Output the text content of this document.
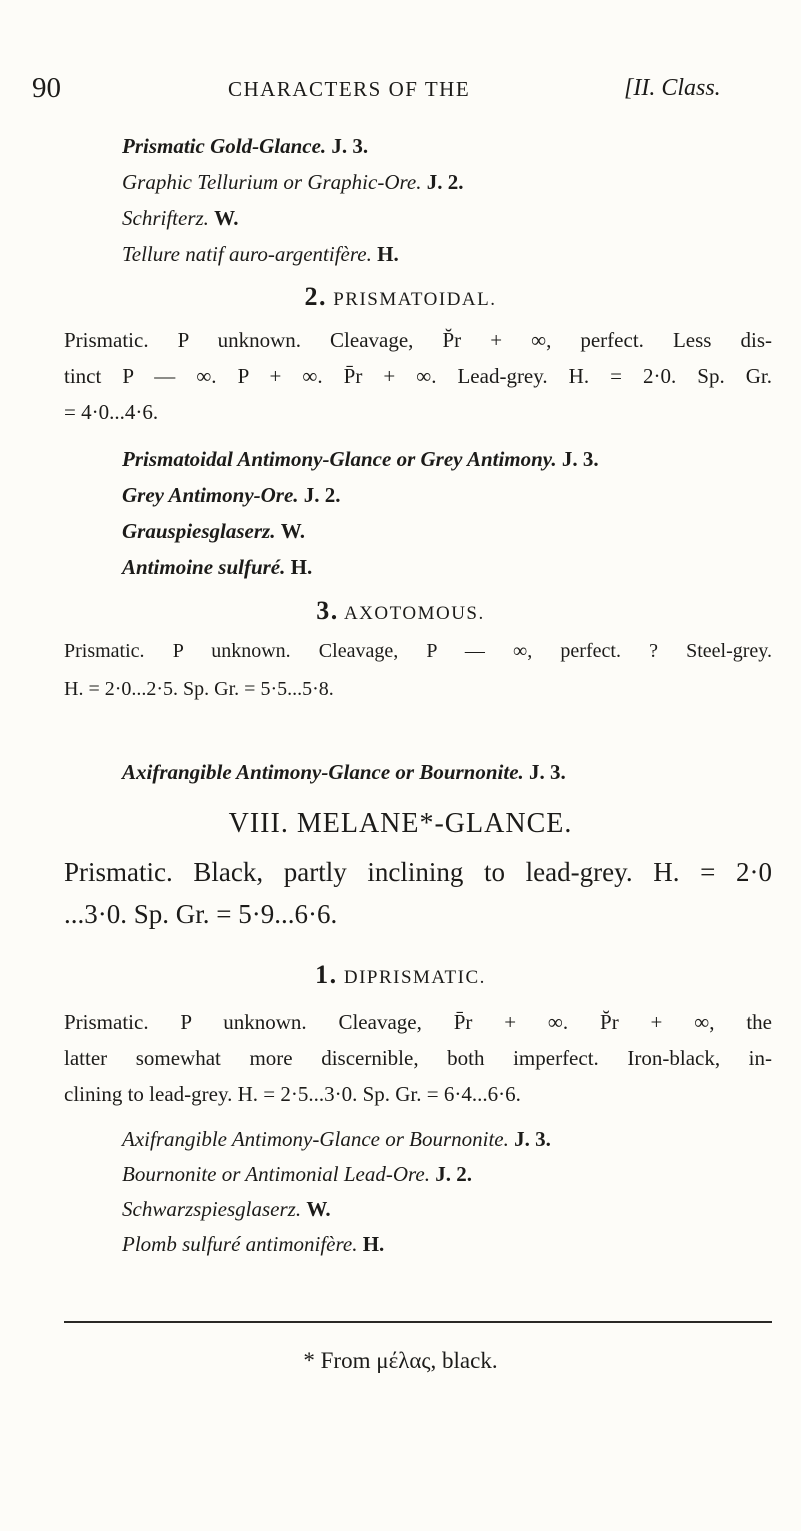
90	CHARACTERS OF THE	[II. Class.
Prismatic Gold-Glance. J. 3.
Graphic Tellurium or Graphic-Ore. J. 2.
Schrifterz. W.
Tellure natif auro-argentifère. H.
2. PRISMATOIDAL.
Prismatic. P unknown. Cleavage, P̆r + ∞, perfect. Less dis-
tinct P — ∞. P + ∞. P̄r + ∞. Lead-grey. H. = 2·0. Sp. Gr.
= 4·0...4·6.
Prismatoidal Antimony-Glance or Grey Antimony. J. 3.
Grey Antimony-Ore. J. 2.
Grauspiesglaserz. W.
Antimoine sulfuré. H.
3. AXOTOMOUS.
Prismatic. P unknown. Cleavage, P — ∞, perfect. ? Steel-grey.
H. = 2·0...2·5. Sp. Gr. = 5·5...5·8.
Axifrangible Antimony-Glance or Bournonite. J. 3.
VIII. MELANE*-GLANCE.
Prismatic. Black, partly inclining to lead-grey. H. = 2·0
...3·0. Sp. Gr. = 5·9...6·6.
1. DIPRISMATIC.
Prismatic. P unknown. Cleavage, P̄r + ∞. P̆r + ∞, the
latter somewhat more discernible, both imperfect. Iron-black, in-
clining to lead-grey. H. = 2·5...3·0. Sp. Gr. = 6·4...6·6.
Axifrangible Antimony-Glance or Bournonite. J. 3.
Bournonite or Antimonial Lead-Ore. J. 2.
Schwarzspiesglaserz. W.
Plomb sulfuré antimonifère. H.
* From μέλας, black.
